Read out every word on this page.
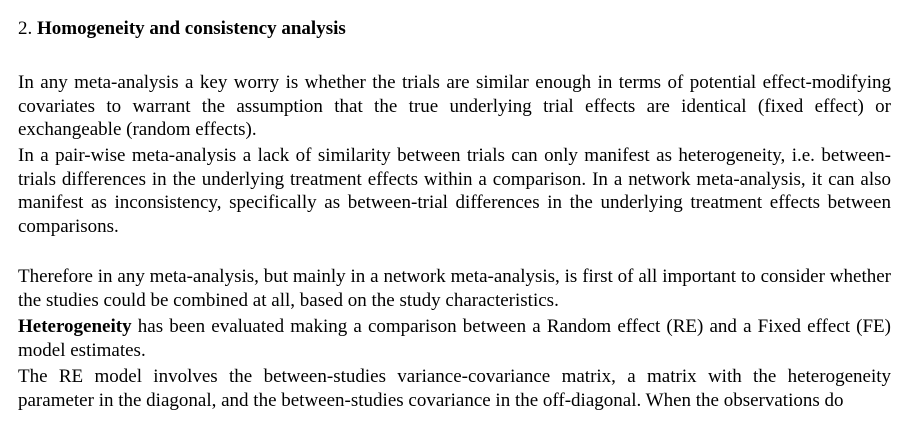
2. Homogeneity and consistency analysis

In any meta-analysis a key worry is whether the trials are similar enough in terms of potential effect-modifying covariates to warrant the assumption that the true underlying trial effects are identical (fixed effect) or exchangeable (random effects).

In a pair-wise meta-analysis a lack of similarity between trials can only manifest as heterogeneity, i.e. between-trials differences in the underlying treatment effects within a comparison. In a network meta-analysis, it can also manifest as inconsistency, specifically as between-trial differences in the underlying treatment effects between comparisons.

Therefore in any meta-analysis, but mainly in a network meta-analysis, is first of all important to consider whether the studies could be combined at all, based on the study characteristics.

Heterogeneity has been evaluated making a comparison between a Random effect (RE) and a Fixed effect (FE) model estimates.

The RE model involves the between-studies variance-covariance matrix, a matrix with the heterogeneity parameter in the diagonal, and the between-studies covariance in the off-diagonal. When the observations do
